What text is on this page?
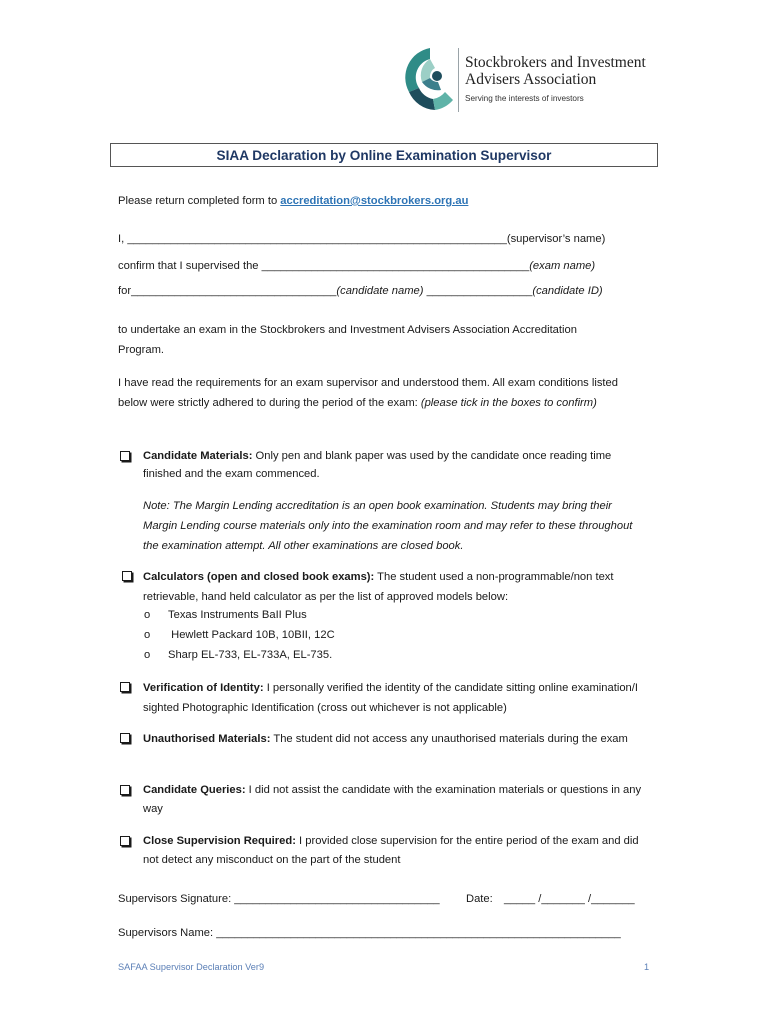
Stockbrokers and Investment
Advisers Association
Serving the interests of investors
SIAA Declaration by Online Examination Supervisor
Please return completed form to accreditation@stockbrokers.org.au
I, _____________________________________________________________(supervisor’s name)
confirm that I supervised the ___________________________________________(exam name)
for_________________________________(candidate name) _________________(candidate ID)
to undertake an exam in the Stockbrokers and Investment Advisers Association Accreditation Program.
I have read the requirements for an exam supervisor and understood them. All exam conditions listed below were strictly adhered to during the period of the exam: (please tick in the boxes to confirm)
Candidate Materials: Only pen and blank paper was used by the candidate once reading time finished and the exam commenced.
Note: The Margin Lending accreditation is an open book examination. Students may bring their Margin Lending course materials only into the examination room and may refer to these throughout the examination attempt. All other examinations are closed book.
Calculators (open and closed book exams): The student used a non-programmable/non text retrievable, hand held calculator as per the list of approved models below:
o Texas Instruments BaII Plus
o Hewlett Packard 10B, 10BII, 12C
o Sharp EL-733, EL-733A, EL-735.
Verification of Identity: I personally verified the identity of the candidate sitting online examination/I sighted Photographic Identification (cross out whichever is not applicable)
Unauthorised Materials: The student did not access any unauthorised materials during the exam
Candidate Queries: I did not assist the candidate with the examination materials or questions in any way
Close Supervision Required: I provided close supervision for the entire period of the exam and did not detect any misconduct on the part of the student
Supervisors Signature: _________________________________ Date: _____ /_______ /_______
Supervisors Name: _________________________________________________________________
SAFAA Supervisor Declaration Ver9	1
